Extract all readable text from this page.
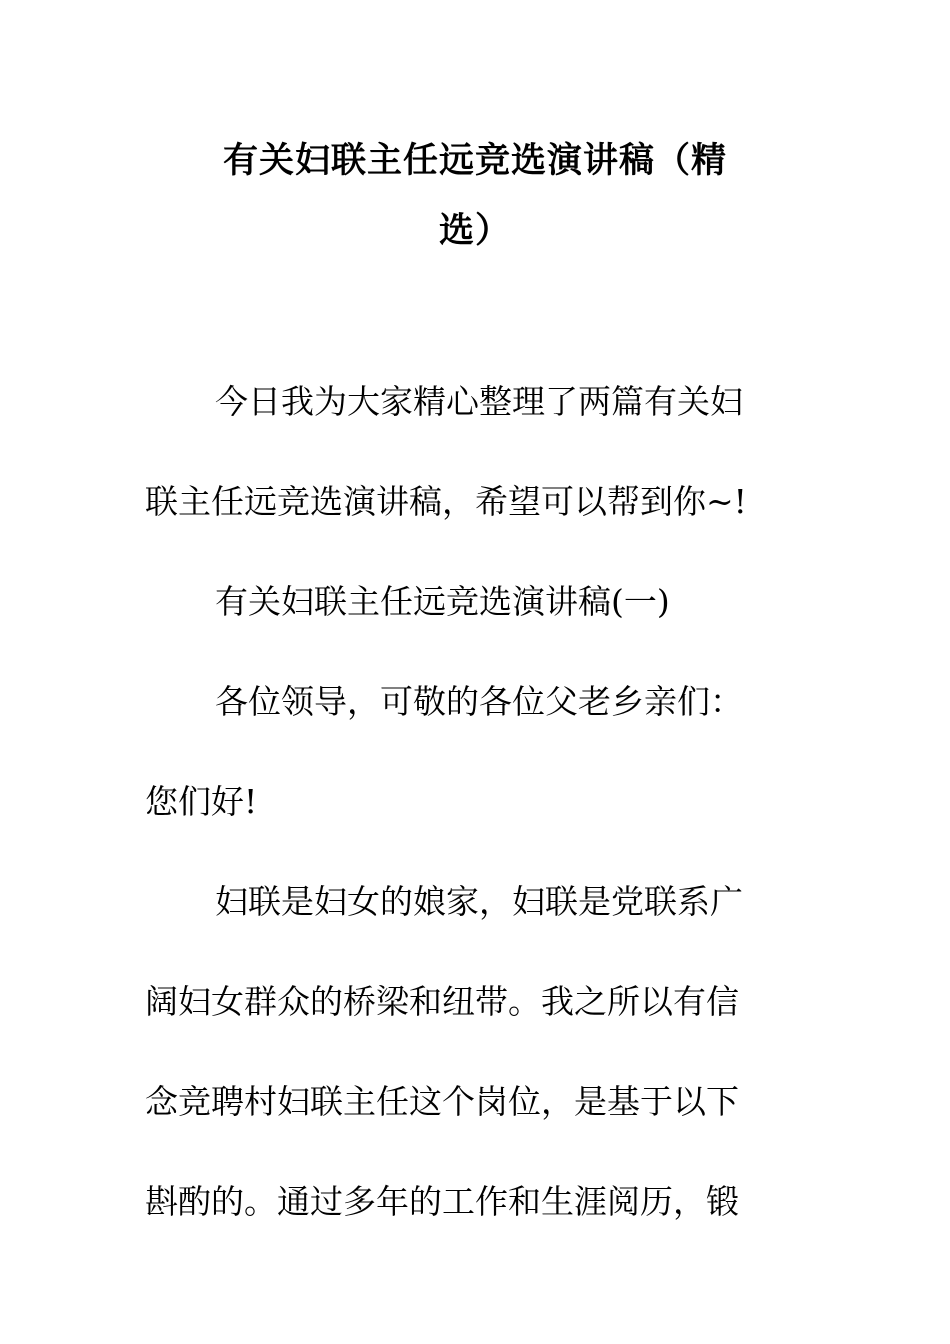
有关妇联主任远竞选演讲稿（精
选）
今日我为大家精心整理了两篇有关妇
联主任远竞选演讲稿，希望可以帮到你~!
有关妇联主任远竞选演讲稿(一)
各位领导，可敬的各位父老乡亲们：
您们好!
妇联是妇女的娘家，妇联是党联系广
阔妇女群众的桥梁和纽带。我之所以有信
念竞聘村妇联主任这个岗位，是基于以下
斟酌的。通过多年的工作和生涯阅历，锻
